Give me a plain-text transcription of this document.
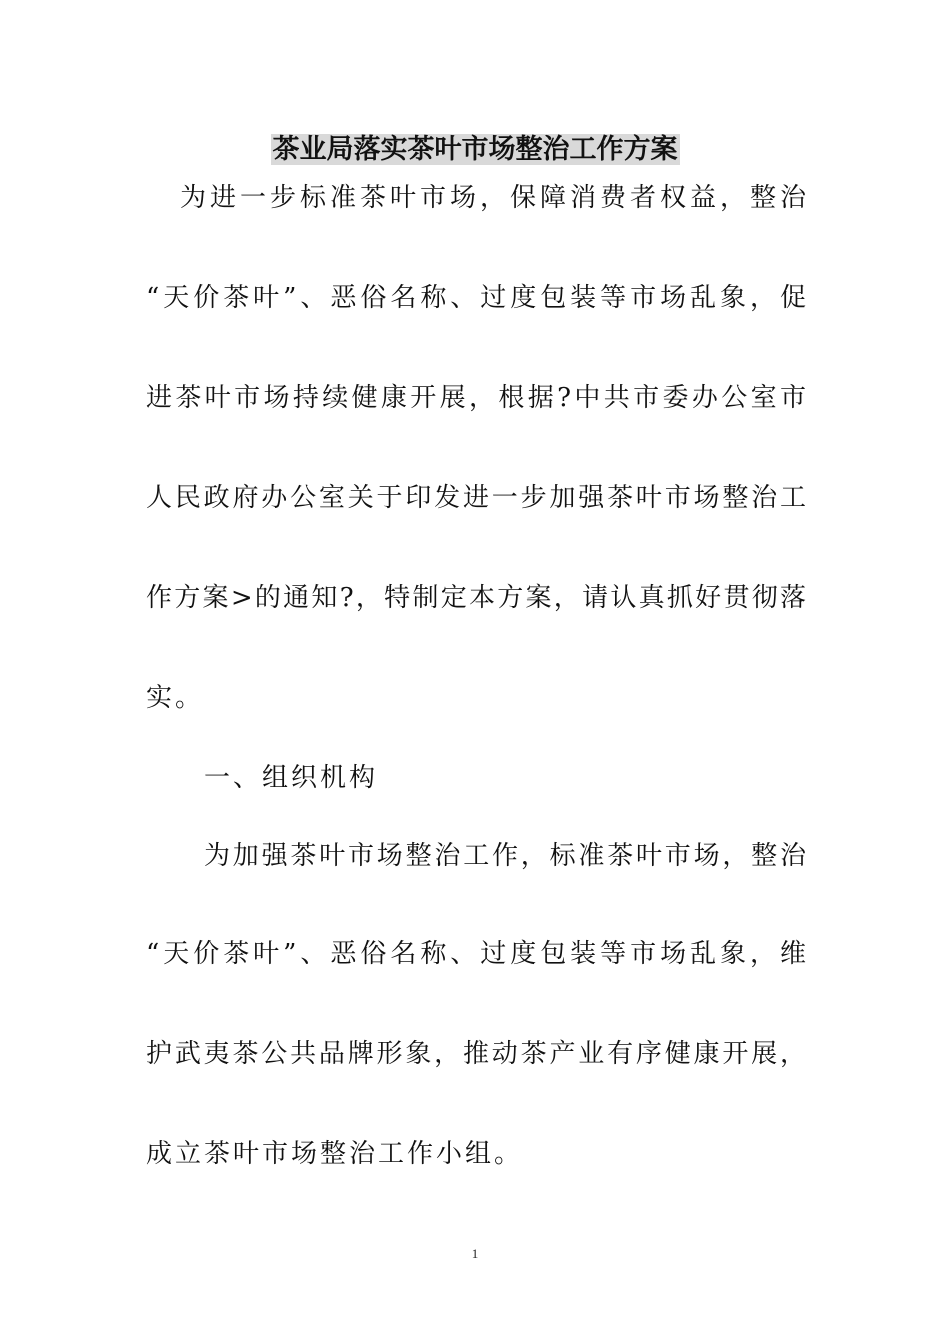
茶业局落实茶叶市场整治工作方案
为进一步标准茶叶市场，保障消费者权益，整治
“天价茶叶”、恶俗名称、过度包装等市场乱象，促
进茶叶市场持续健康开展，根据?中共市委办公室市
人民政府办公室关于印发进一步加强茶叶市场整治工
作方案>的通知?，特制定本方案，请认真抓好贯彻落
实。
一、组织机构
为加强茶叶市场整治工作，标准茶叶市场，整治
“天价茶叶”、恶俗名称、过度包装等市场乱象，维
护武夷茶公共品牌形象，推动茶产业有序健康开展，
成立茶叶市场整治工作小组。
1
